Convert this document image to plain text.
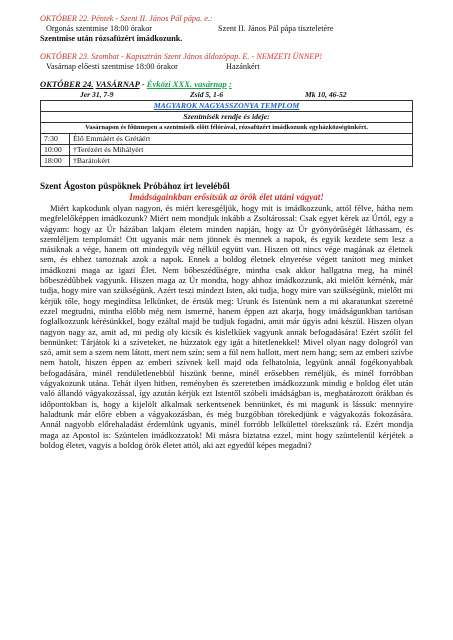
OKTÓBER 22. Péntek - Szent II. János Pál pápa. e.:

Orgonás szentmise 18:00 órakor	Szent II. János Pál pápa tiszteletére

Szentmise után rózsafüzért imádkozunk.

OKTÓBER 23. Szombat - Kapisztrán Szent János áldozópap. E. - NEMZETI ÜNNEP!

Vasárnap előesti szentmise 18:00 órakor	Hazánkért

OKTÓBER 24. VASÁRNAP - Évközi XXX. vasárnap :
Jer 31, 7-9	Zsid 5, 1-6	Mk 10, 46-52
MAGYAROK NAGYASSZONYA TEMPLOM	
Szentmisék rendje és ideje:	
Vasárnapon és főünnepen a szentmisék előtt félórával, rózsafüzért imádkozunk egyházközségünkért.	
7:30	Élő Emmáért és Grétáért
10:00	†Terézért és Mihályért
18:00	†Barátokért
Szent Ágoston püspöknek Próbához írt leveléből
Imádságainkban erősítsük az örök élet utáni vágyat!

Miért kapkodunk olyan nagyon, és miért keresgéljük, hogy mit is imádkozzunk, attól félve, hátha nem megfelelőképpen imádkozunk? Miért nem mondjuk inkább a Zsoltárossal: Csak egyet kérek az Úrtól, egy a vágyam: hogy az Úr házában lakjam életem minden napján, hogy az Úr gyönyörűségét láthassam, és szemléljem templomát! Ott ugyanis már nem jönnek és mennek a napok, és egyik kezdete sem lesz a másiknak a vége, hanem ott mindegyik vég nélkül együtt van. Hiszen ott nincs vége magának az életnek sem, és ehhez tartoznak azok a napok. Ennek a boldog életnek elnyerése végett tanított meg minket imádkozni maga az igazi Élet. Nem bőbeszédűségre, mintha csak akkor hallgatna meg, ha minél bőbeszédűbbek vagyunk. Hiszen maga az Úr mondta, hogy ahhoz imádkozzunk, aki mielőtt kérnénk, már tudja, hogy mire van szükségünk. Azért teszi mindezt Isten, aki tudja, hogy mire van szükségünk, mielőtt mi kérjük tőle, hogy megindítsa lelkünket, de értsük meg: Urunk és Istenünk nem a mi akaratunkat szeretné ezzel megtudni, mintha előbb még nem ismerné, hanem éppen azt akarja, hogy imádságunkban tartósan foglalkozzunk kérésünkkel, hogy ezáltal majd be tudjuk fogadni, amit már úgyis adni készül. Hiszen olyan nagyon nagy az, amit ad, mi pedig oly kicsik és kislelkűek vagyunk annak befogadására! Ezért szólít fel bennünket: Tárjátok ki a szíveteket, ne húzzatok egy igát a hitetlenekkel! Mivel olyan nagy dologról van szó, amit sem a szem nem látott, mert nem szín; sem a fül nem hallott, mert nem hang; sem az emberi szívbe nem hatolt, hiszen éppen az emberi szívnek kell majd oda felhatolnia, legyünk annál fogékonyabbak befogadására, minél rendületlenebbül hiszünk benne, minél erősebben reméljük, és minél forróbban vágyakozunk utána. Tehát ilyen hitben, reményben és szeretetben imádkozzunk mindig e boldog élet után való állandó vágyakozással, így azután kérjük ezt Istentől szóbeli imádságban is, meghatározott órákban és időpontokban is, hogy a kijelölt alkalmak serkentsenek bennünket, és mi magunk is lássuk: mennyire haladtunk már előre ebben a vágyakozásban, és még buzgóbban törekedjünk e vágyakozás fokozására. Annál nagyobb előrehaladást érdemlünk ugyanis, minél forróbb lelkülettel törekszünk rá. Ezért mondja maga az Apostol is: Szüntelen imádkozzatok! Mi másra biztatna ezzel, mint hogy szüntelenül kérjétek a boldog életet, vagyis a boldog örök életet attól, aki azt egyedül képes megadni?
